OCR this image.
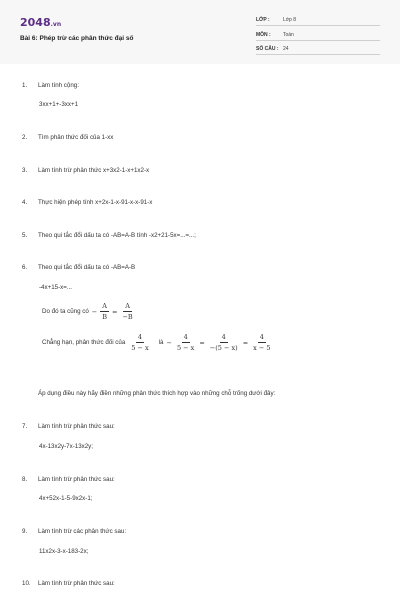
2048.vn
Bài 6: Phép trừ các phân thức đại số
LỚP :	Lớp 8
MÔN : Toán
SỐ CÂU : 24
1. Làm tính cộng:
3xx+1+-3xx+1
2. Tìm phân thức đối của 1-xx
3. Làm tính trừ phân thức x+3x2-1-x+1x2-x
4. Thực hiện phép tính x+2x-1-x-91-x-x-91-x
5. Theo qui tắc đổi dấu ta có -AB=A-B tính -x2+21-5x=...=...;
6. Theo qui tắc đổi dấu ta có -AB=A-B
-4x+15-x=...
Do đó ta cũng có − $\frac{A}{B} = \frac{A}{-B}$
Chẳng hạn, phân thức đối của $\frac{4}{5 - x}$ là − $\frac{4}{5 - x} = \frac{4}{-(5 - x)} = \frac{4}{x - 5}$
Áp dụng điều này hãy điền những phân thức thích hợp vào những chỗ trống dưới đây:
7. Làm tính trừ phân thức sau:
4x-13x2y-7x-13x2y;
8. Làm tính trừ phân thức sau:
4x+52x-1-5-9x2x-1;
9. Làm tính trừ các phân thức sau:
11x2x-3-x-183-2x;
10. Làm tính trừ phân thức sau:
